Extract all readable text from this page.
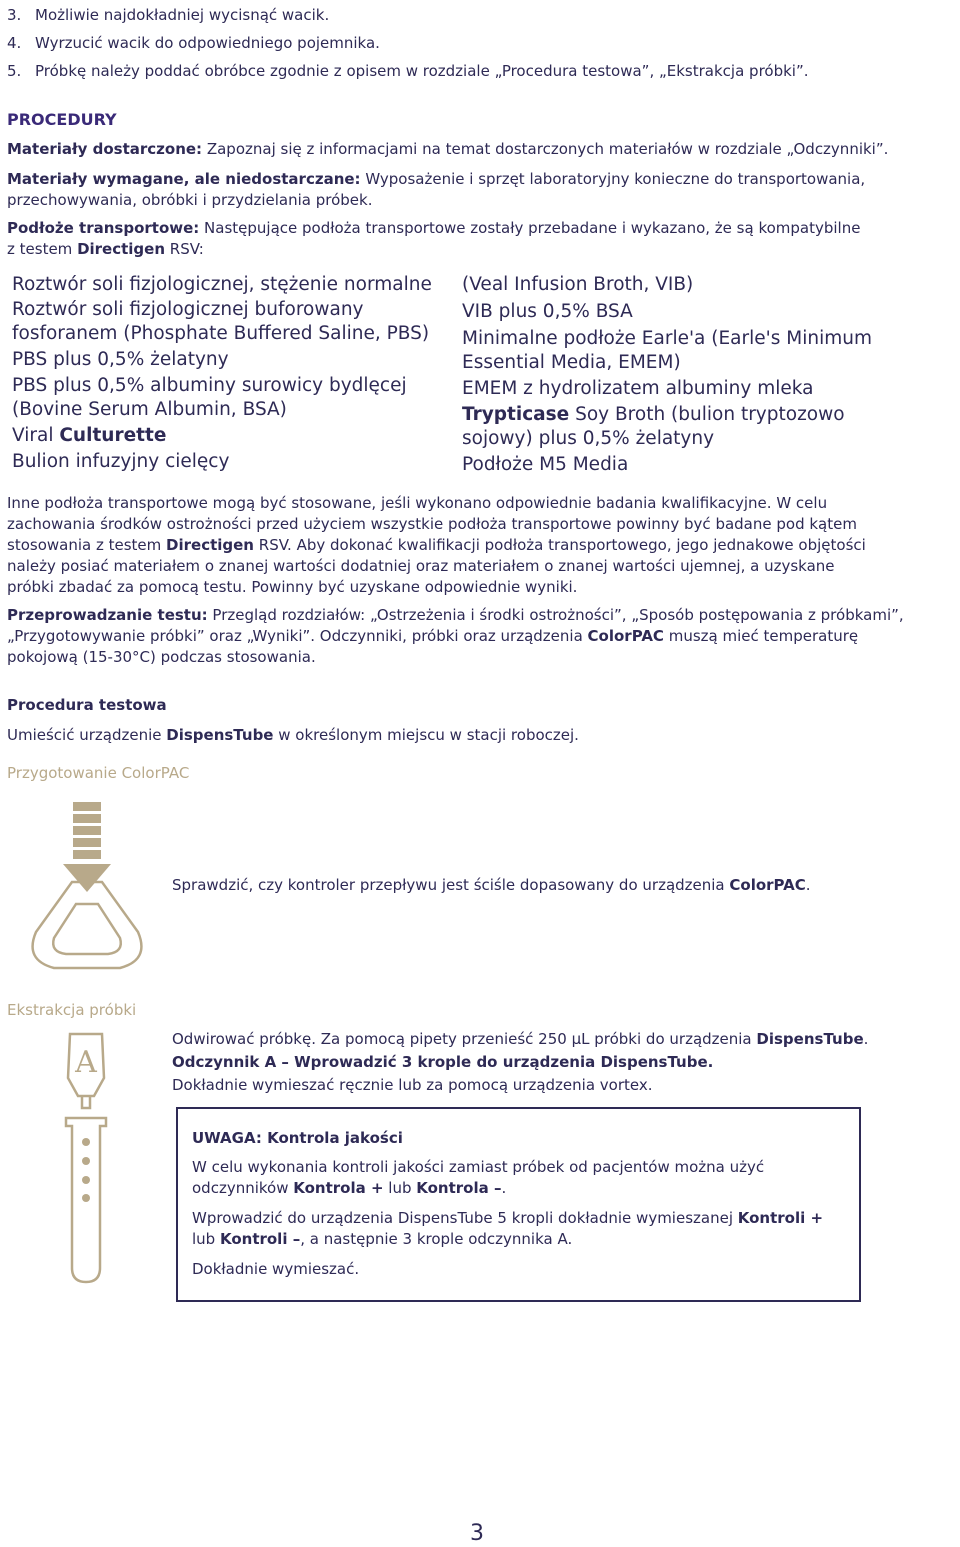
3. Możliwie najdokładniej wycisnąć wacik.
4. Wyrzucić wacik do odpowiedniego pojemnika.
5. Próbkę należy poddać obróbce zgodnie z opisem w rozdziale „Procedura testowa”, „Ekstrakcja próbki”.
PROCEDURY
Materiały dostarczone: Zapoznaj się z informacjami na temat dostarczonych materiałów w rozdziale „Odczynniki”.
Materiały wymagane, ale niedostarczane: Wyposażenie i sprzęt laboratoryjny konieczne do transportowania,
przechowywania, obróbki i przydzielania próbek.
Podłoże transportowe: Następujące podłoża transportowe zostały przebadane i wykazano, że są kompatybilne
z testem Directigen RSV:
Roztwór soli fizjologicznej, stężenie normalne
Roztwór soli fizjologicznej buforowany
fosforanem (Phosphate Buffered Saline, PBS)
PBS plus 0,5% żelatyny
PBS plus 0,5% albuminy surowicy bydlęcej
(Bovine Serum Albumin, BSA)
Viral Culturette
Bulion infuzyjny cielęcy
(Veal Infusion Broth, VIB)
VIB plus 0,5% BSA
Minimalne podłoże Earle'a (Earle's Minimum
Essential Media, EMEM)
EMEM z hydrolizatem albuminy mleka
Trypticase Soy Broth (bulion tryptozowo
sojowy) plus 0,5% żelatyny
Podłoże M5 Media
Inne podłoża transportowe mogą być stosowane, jeśli wykonano odpowiednie badania kwalifikacyjne. W celu
zachowania środków ostrożności przed użyciem wszystkie podłoża transportowe powinny być badane pod kątem
stosowania z testem Directigen RSV. Aby dokonać kwalifikacji podłoża transportowego, jego jednakowe objętości
należy posiać materiałem o znanej wartości dodatniej oraz materiałem o znanej wartości ujemnej, a uzyskane
próbki zbadać za pomocą testu. Powinny być uzyskane odpowiednie wyniki.
Przeprowadzanie testu: Przegląd rozdziałów: „Ostrzeżenia i środki ostrożności”, „Sposób postępowania z próbkami”,
„Przygotowywanie próbki” oraz „Wyniki”. Odczynniki, próbki oraz urządzenia ColorPAC muszą mieć temperaturę
pokojową (15-30°C) podczas stosowania.
Procedura testowa
Umieścić urządzenie DispensTube w określonym miejscu w stacji roboczej.
Przygotowanie ColorPAC
Sprawdzić, czy kontroler przepływu jest ściśle dopasowany do urządzenia ColorPAC.
Ekstrakcja próbki
A
Odwirować próbkę. Za pomocą pipety przenieść 250 µL próbki do urządzenia DispensTube.
Odczynnik A – Wprowadzić 3 krople do urządzenia DispensTube.
Dokładnie wymieszać ręcznie lub za pomocą urządzenia vortex.
UWAGA: Kontrola jakości
W celu wykonania kontroli jakości zamiast próbek od pacjentów można użyć
odczynników Kontrola + lub Kontrola –.
Wprowadzić do urządzenia DispensTube 5 kropli dokładnie wymieszanej Kontroli +
lub Kontroli –, a następnie 3 krople odczynnika A.
Dokładnie wymieszać.
3
